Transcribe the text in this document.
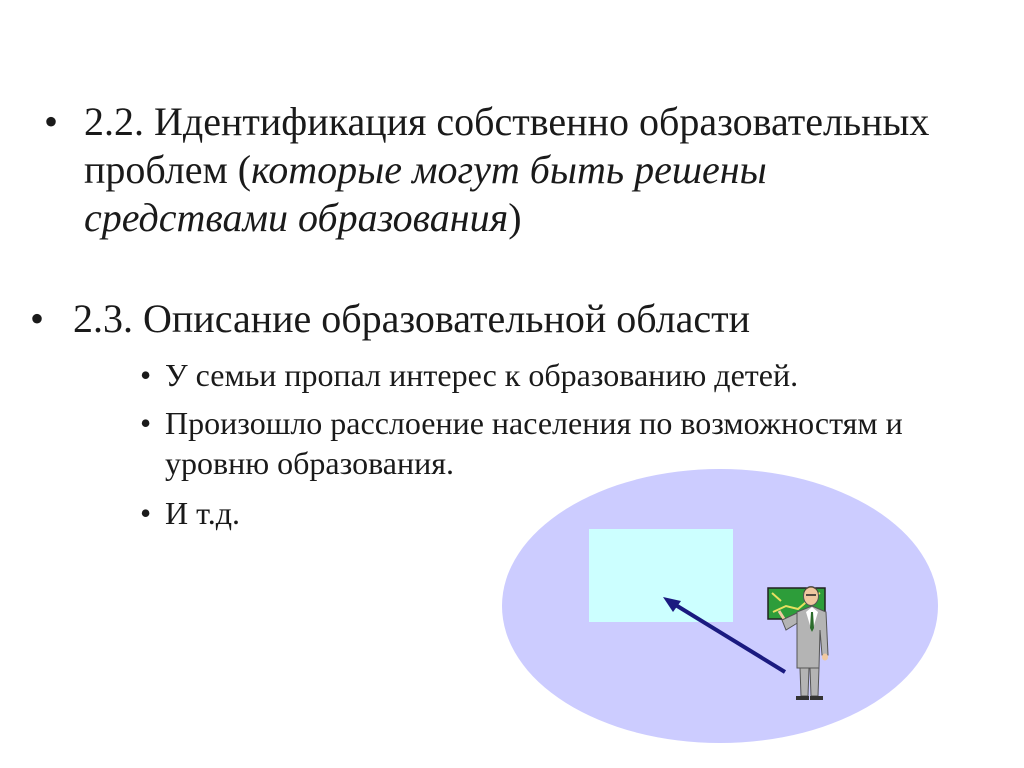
• 2.2. Идентификация собственно образовательных проблем (которые могут быть решены средствами образования)
• 2.3. Описание образовательной области
• У семьи пропал интерес к образованию детей.
• Произошло расслоение населения по возможностям и уровню образования.
• И т.д.
